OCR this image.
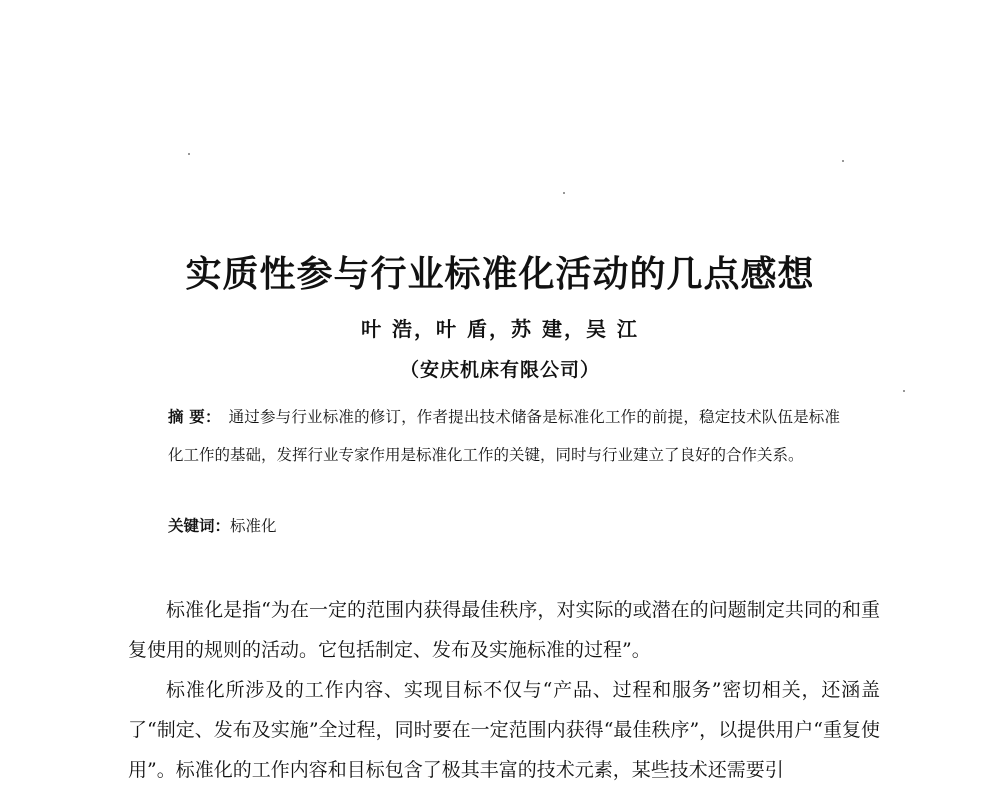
实质性参与行业标准化活动的几点感想
叶 浩，叶 盾，苏 建，吴 江
（安庆机床有限公司）
摘 要： 通过参与行业标准的修订，作者提出技术储备是标准化工作的前提，稳定技术队伍是标准化工作的基础，发挥行业专家作用是标准化工作的关键，同时与行业建立了良好的合作关系。
关键词：标准化

标准化是指“为在一定的范围内获得最佳秩序，对实际的或潜在的问题制定共同的和重复使用的规则的活动。它包括制定、发布及实施标准的过程”。

标准化所涉及的工作内容、实现目标不仅与“产品、过程和服务”密切相关，还涵盖了“制定、发布及实施”全过程，同时要在一定范围内获得“最佳秩序”，以提供用户“重复使用”。标准化的工作内容和目标包含了极其丰富的技术元素，某些技术还需要引
